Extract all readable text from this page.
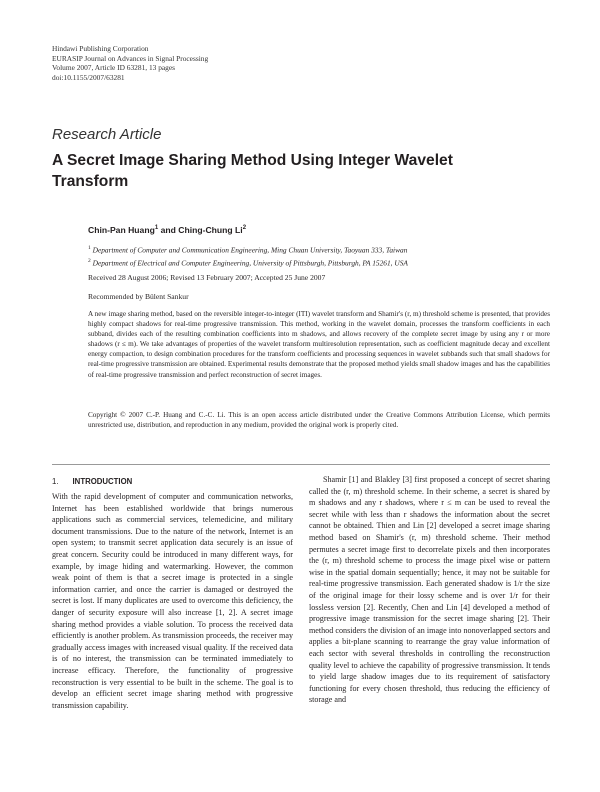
Hindawi Publishing Corporation
EURASIP Journal on Advances in Signal Processing
Volume 2007, Article ID 63281, 13 pages
doi:10.1155/2007/63281
Research Article
A Secret Image Sharing Method Using Integer Wavelet Transform
Chin-Pan Huang$^1$ and Ching-Chung Li$^2$
$^1$ Department of Computer and Communication Engineering, Ming Chuan University, Taoyuan 333, Taiwan
$^2$ Department of Electrical and Computer Engineering, University of Pittsburgh, Pittsburgh, PA 15261, USA
Received 28 August 2006; Revised 13 February 2007; Accepted 25 June 2007
Recommended by Bülent Sankur
A new image sharing method, based on the reversible integer-to-integer (ITI) wavelet transform and Shamir's (r, m) threshold scheme is presented, that provides highly compact shadows for real-time progressive transmission. This method, working in the wavelet domain, processes the transform coefficients in each subband, divides each of the resulting combination coefficients into m shadows, and allows recovery of the complete secret image by using any r or more shadows (r ≤ m). We take advantages of properties of the wavelet transform multiresolution representation, such as coefficient magnitude decay and excellent energy compaction, to design combination procedures for the transform coefficients and processing sequences in wavelet subbands such that small shadows for real-time progressive transmission are obtained. Experimental results demonstrate that the proposed method yields small shadow images and has the capabilities of real-time progressive transmission and perfect reconstruction of secret images.
Copyright © 2007 C.-P. Huang and C.-C. Li. This is an open access article distributed under the Creative Commons Attribution License, which permits unrestricted use, distribution, and reproduction in any medium, provided the original work is properly cited.
1. INTRODUCTION

With the rapid development of computer and communication networks, Internet has been established worldwide that brings numerous applications such as commercial services, telemedicine, and military document transmissions. Due to the nature of the network, Internet is an open system; to transmit secret application data securely is an issue of great concern. Security could be introduced in many different ways, for example, by image hiding and watermarking. However, the common weak point of them is that a secret image is protected in a single information carrier, and once the carrier is damaged or destroyed the secret is lost. If many duplicates are used to overcome this deficiency, the danger of security exposure will also increase [1, 2]. A secret image sharing method provides a viable solution. To process the received data efficiently is another problem. As transmission proceeds, the receiver may gradually access images with increased visual quality. If the received data is of no interest, the transmission can be terminated immediately to increase efficacy. Therefore, the functionality of progressive reconstruction is very essential to be built in the scheme. The goal is to develop an efficient secret image sharing method with progressive transmission capability.

Shamir [1] and Blakley [3] first proposed a concept of secret sharing called the (r, m) threshold scheme. In their scheme, a secret is shared by m shadows and any r shadows, where r ≤ m can be used to reveal the secret while with less than r shadows the information about the secret cannot be obtained. Thien and Lin [2] developed a secret image sharing method based on Shamir's (r, m) threshold scheme. Their method permutes a secret image first to decorrelate pixels and then incorporates the (r, m) threshold scheme to process the image pixel wise or pattern wise in the spatial domain sequentially; hence, it may not be suitable for real-time progressive transmission. Each generated shadow is 1/r the size of the original image for their lossy scheme and is over 1/r for their lossless version [2]. Recently, Chen and Lin [4] developed a method of progressive image transmission for the secret image sharing [2]. Their method considers the division of an image into nonoverlapped sectors and applies a bit-plane scanning to rearrange the gray value information of each sector with several thresholds in controlling the reconstruction quality level to achieve the capability of progressive transmission. It tends to yield large shadow images due to its requirement of satisfactory functioning for every chosen threshold, thus reducing the efficiency of storage and
